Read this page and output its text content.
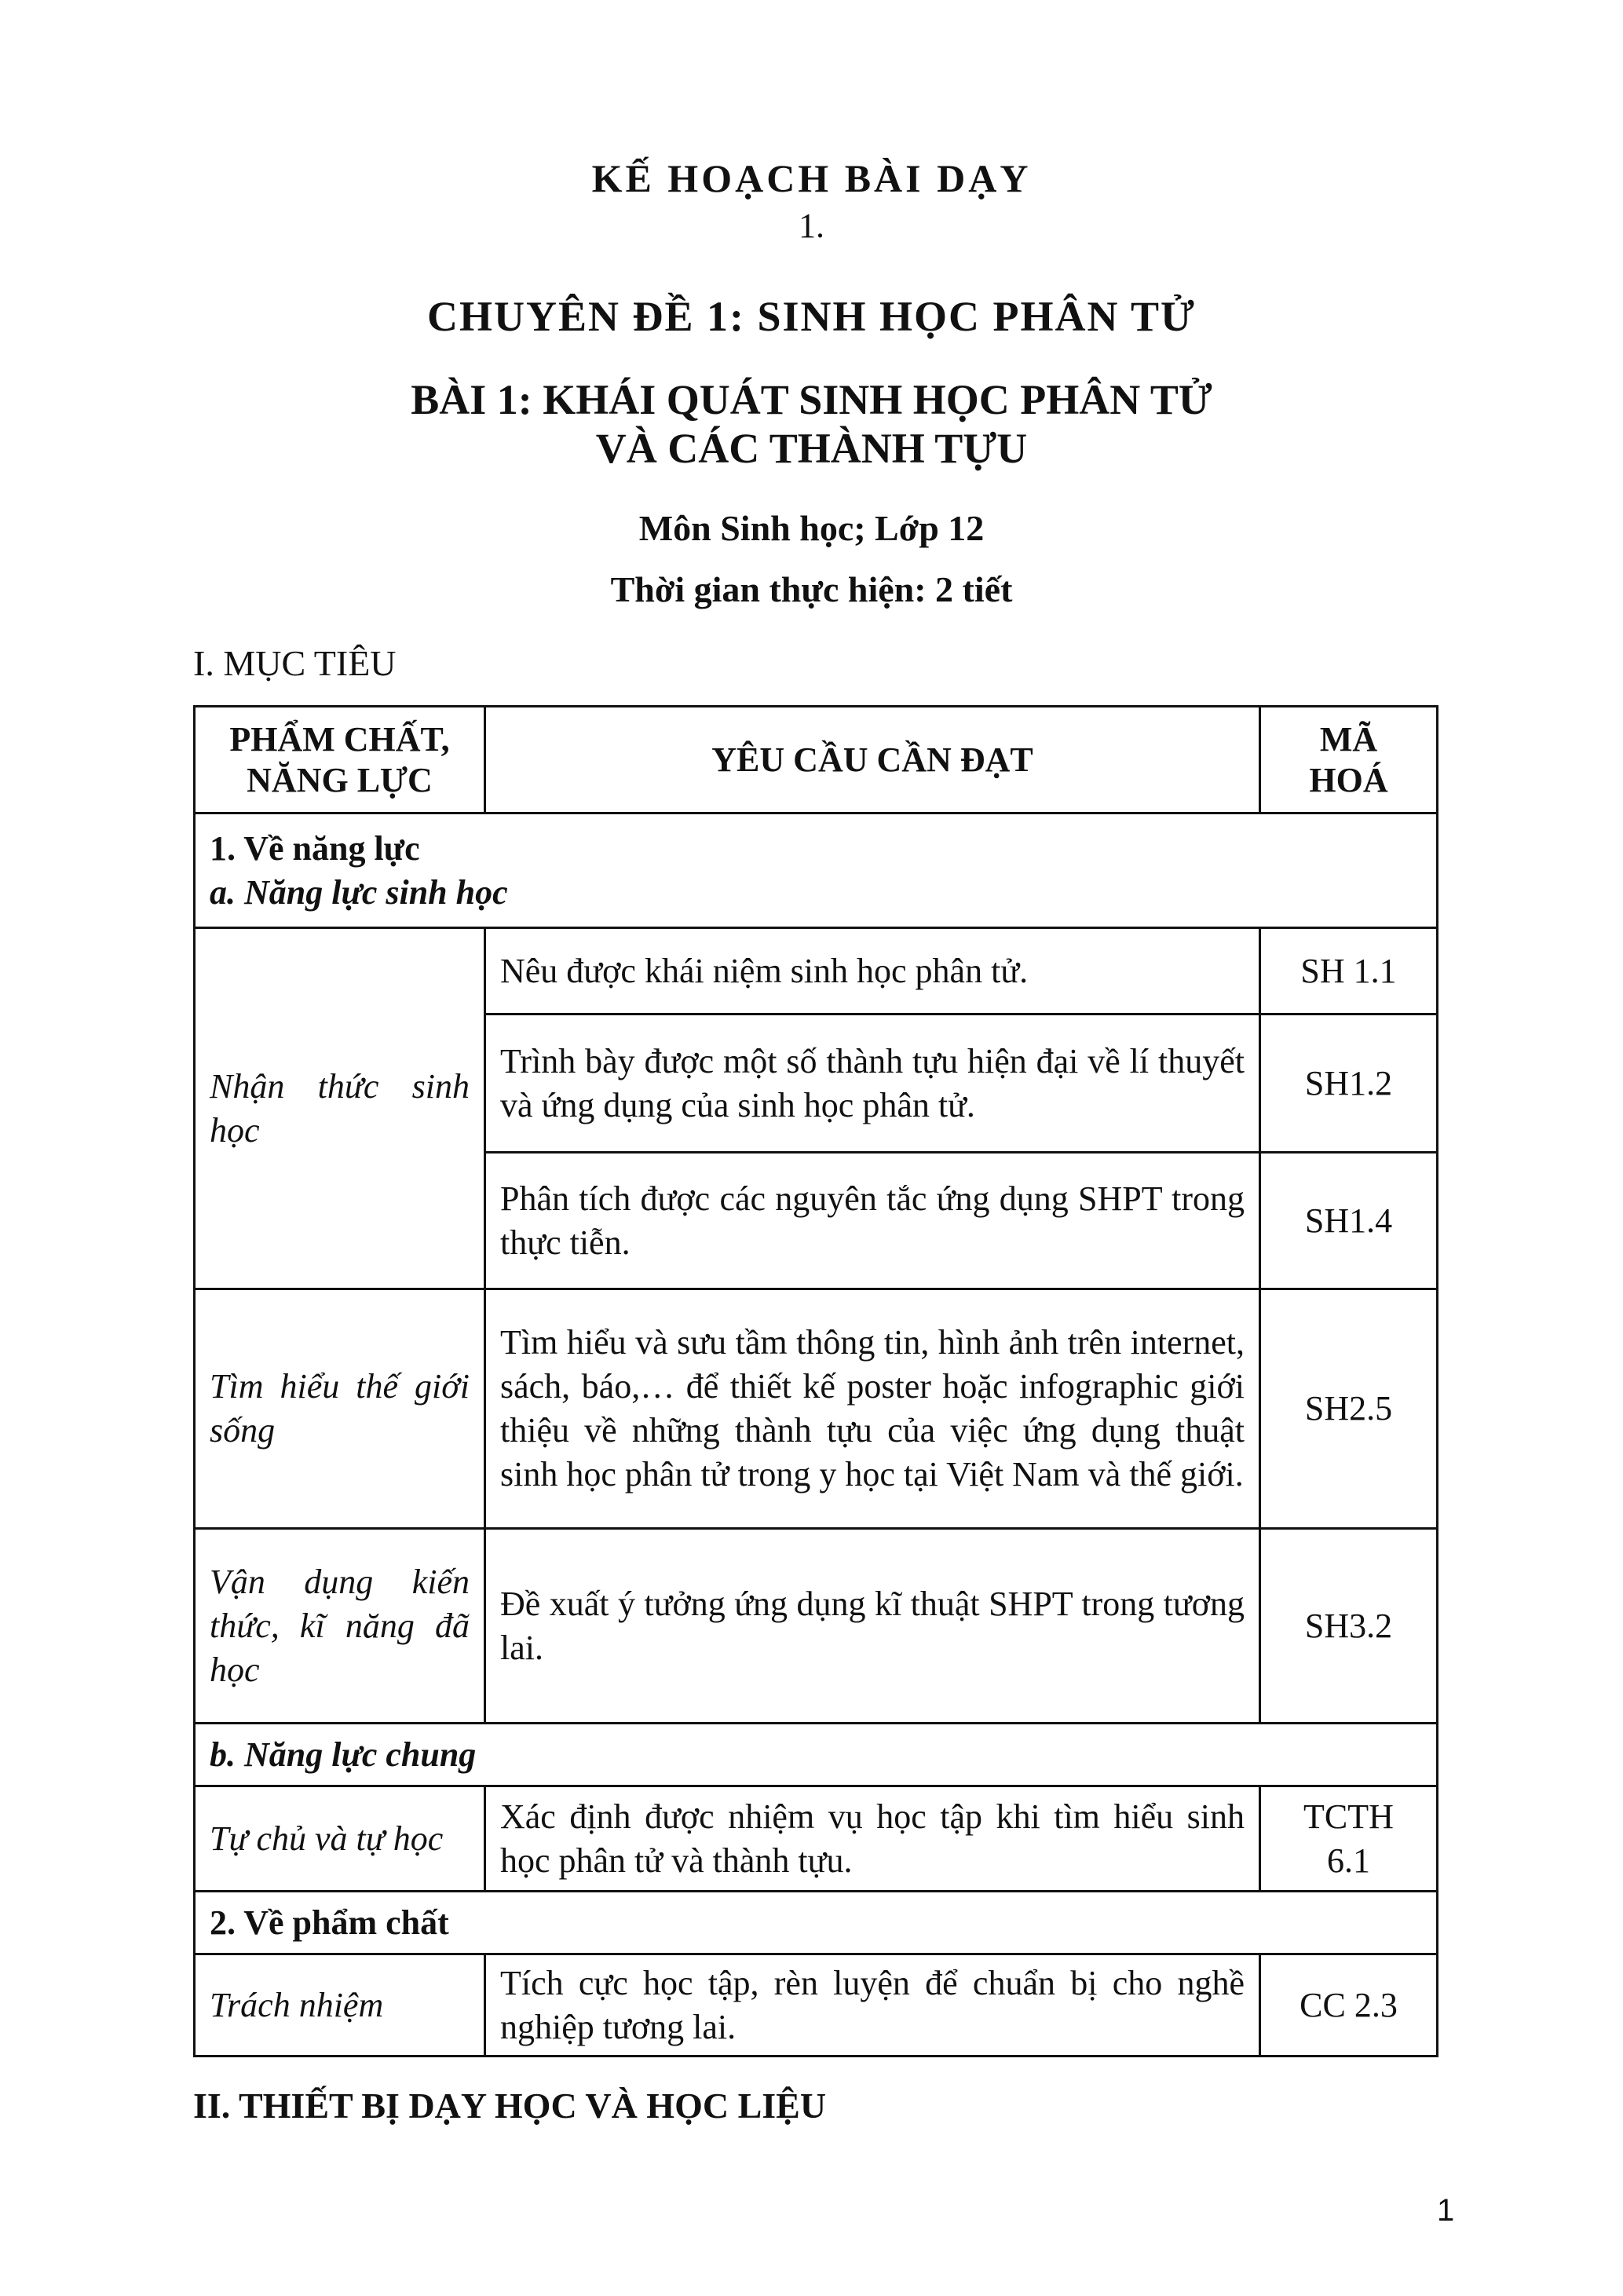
KẾ HOẠCH BÀI DẠY
1.
CHUYÊN ĐỀ 1: SINH HỌC PHÂN TỬ
BÀI 1: KHÁI QUÁT SINH HỌC PHÂN TỬ
VÀ CÁC THÀNH TỰU
Môn Sinh học; Lớp 12
Thời gian thực hiện: 2 tiết
I. MỤC TIÊU
PHẨM CHẤT,
NĂNG LỰC	YÊU CẦU CẦN ĐẠT	MÃ
HOÁ

1. Về năng lực
a. Năng lực sinh học		

Nhận thức sinh học	Nêu được khái niệm sinh học phân tử.	SH 1.1
	Trình bày được một số thành tựu hiện đại về lí thuyết và ứng dụng của sinh học phân tử.	SH1.2
	Phân tích được các nguyên tắc ứng dụng SHPT trong thực tiễn.	SH1.4
Tìm hiểu thế giới sống	Tìm hiểu và sưu tầm thông tin, hình ảnh trên internet, sách, báo,… để thiết kế poster hoặc infographic giới thiệu về những thành tựu của việc ứng dụng thuật sinh học phân tử trong y học tại Việt Nam và thế giới.	SH2.5
Vận dụng kiến thức, kĩ năng đã học	Đề xuất ý tưởng ứng dụng kĩ thuật SHPT trong tương lai.	SH3.2
b. Năng lực chung		
Tự chủ và tự học	Xác định được nhiệm vụ học tập khi tìm hiểu sinh học phân tử và thành tựu.	TCTH
6.1
2. Về phẩm chất		
Trách nhiệm	Tích cực học tập, rèn luyện để chuẩn bị cho nghề nghiệp tương lai.	CC 2.3
II. THIẾT BỊ DẠY HỌC VÀ HỌC LIỆU
1
